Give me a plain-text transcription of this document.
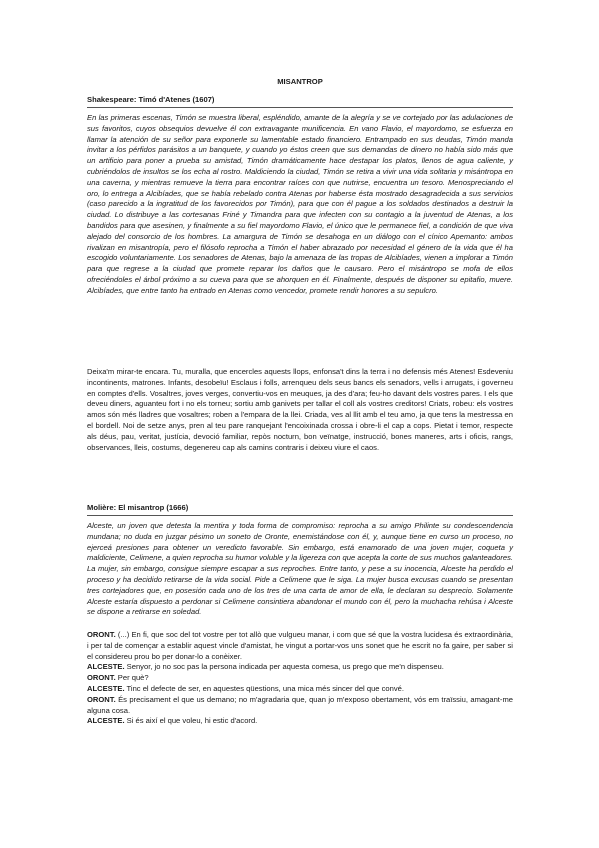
MISANTROP
Shakespeare: Timó d'Atenes (1607)
En las primeras escenas, Timón se muestra liberal, espléndido, amante de la alegría y se ve cortejado por las adulaciones de sus favoritos, cuyos obsequios devuelve él con extravagante munificencia. En vano Flavio, el mayordomo, se esfuerza en llamar la atención de su señor para exponerle su lamentable estado financiero. Entrampado en sus deudas, Timón manda invitar a los pérfidos parásitos a un banquete, y cuando yo éstos creen que sus demandas de dinero no había sido más que un artificio para poner a prueba su amistad, Timón dramáticamente hace destapar los platos, llenos de agua caliente, y cubriéndolos de insultos se los echa al rostro. Maldiciendo la ciudad, Timón se retira a vivir una vida solitaria y misántropa en una caverna, y mientras remueve la tierra para encontrar raíces con que nutrirse, encuentra un tesoro. Menospreciando el oro, lo entrega a Alcibíades, que se había rebelado contra Atenas por haberse ésta mostrado desagradecida a sus servicios (caso parecido a la ingratitud de los favorecidos por Timón), para que con él pague a los soldados destinados a destruir la ciudad. Lo distribuye a las cortesanas Friné y Timandra para que infecten con su contagio a la juventud de Atenas, a los bandidos para que asesinen, y finalmente a su fiel mayordomo Flavio, el único que le permanece fiel, a condición de que viva alejado del consorcio de los hombres. La amargura de Timón se desahoga en un diálogo con el cínico Apemanto: ambos rivalizan en misantropía, pero el filósofo reprocha a Timón el haber abrazado por necesidad el género de la vida que él ha escogido voluntariamente. Los senadores de Atenas, bajo la amenaza de las tropas de Alcibíades, vienen a implorar a Timón para que regrese a la ciudad que promete reparar los daños que le causaro. Pero el misántropo se mofa de ellos ofreciéndoles el árbol próximo a su cueva para que se ahorquen en él. Finalmente, después de disponer su epitafio, muere. Alcibíades, que entre tanto ha entrado en Atenas como vencedor, promete rendir honores a su sepulcro.
Deixa'm mirar-te encara. Tu, muralla, que encercles aquests llops, enfonsa't dins la terra i no defensis més Atenes! Esdeveniu incontinents, matrones. Infants, desobeïu! Esclaus i folls, arrenqueu dels seus bancs els senadors, vells i arrugats, i governeu en comptes d'ells. Vosaltres, joves verges, convertiu-vos en meuques, ja des d'ara; feu-ho davant dels vostres pares. I els que deveu diners, aguanteu fort i no els torneu; sortiu amb ganivets per tallar el coll als vostres creditors! Criats, robeu: els vostres amos són més lladres que vosaltres; roben a l'empara de la llei. Criada, ves al llit amb el teu amo, ja que tens la mestressa en el bordell. Noi de setze anys, pren al teu pare ranquejant l'encoixinada crossa i obre-li el cap a cops. Pietat i temor, respecte als déus, pau, veritat, justícia, devoció familiar, repòs nocturn, bon veïnatge, instrucció, bones maneres, arts i oficis, rangs, observances, lleis, costums, degenereu cap als camins contraris i deixeu viure el caos.
Molière: El misantrop (1666)
Alceste, un joven que detesta la mentira y toda forma de compromiso: reprocha a su amigo Philinte su condescendencia mundana; no duda en juzgar pésimo un soneto de Oronte, enemistándose con él, y, aunque tiene en curso un proceso, no ejerceá presiones para obtener un veredicto favorable. Sin embargo, está enamorado de una joven mujer, coqueta y maldiciente, Celimene, a quien reprocha su humor voluble y la ligereza con que acepta la corte de sus muchos galanteadores. La mujer, sin embargo, consigue siempre escapar a sus reproches. Entre tanto, y pese a su inocencia, Alceste ha perdido el proceso y ha decidido retirarse de la vida social. Pide a Celimene que le siga. La mujer busca excusas cuando se presentan tres cortejadores que, en posesión cada uno de los tres de una carta de amor de ella, le declaran su desprecio. Solamente Alceste estaría dispuesto a perdonar si Celimene consintiera abandonar el mundo con él, pero la muchacha rehúsa i Alceste se dispone a retirarse en soledad.

ORONT. (...) En fi, que soc del tot vostre per tot allò que vulgueu manar, i com que sé que la vostra lucidesa és extraordinària, i per tal de començar a establir aquest vincle d'amistat, he vingut a portar-vos uns sonet que he escrit no fa gaire, per saber si el considereu prou bo per donar-lo a conèixer.

ALCESTE. Senyor, jo no soc pas la persona indicada per aquesta comesa, us prego que me'n dispenseu.

ORONT. Per què?

ALCESTE. Tinc el defecte de ser, en aquestes qüestions, una mica més sincer del que convé.

ORONT. És precisament el que us demano; no m'agradaria que, quan jo m'exposo obertament, vós em traïssiu, amagant-me alguna cosa.

ALCESTE. Si és així el que voleu, hi estic d'acord.
